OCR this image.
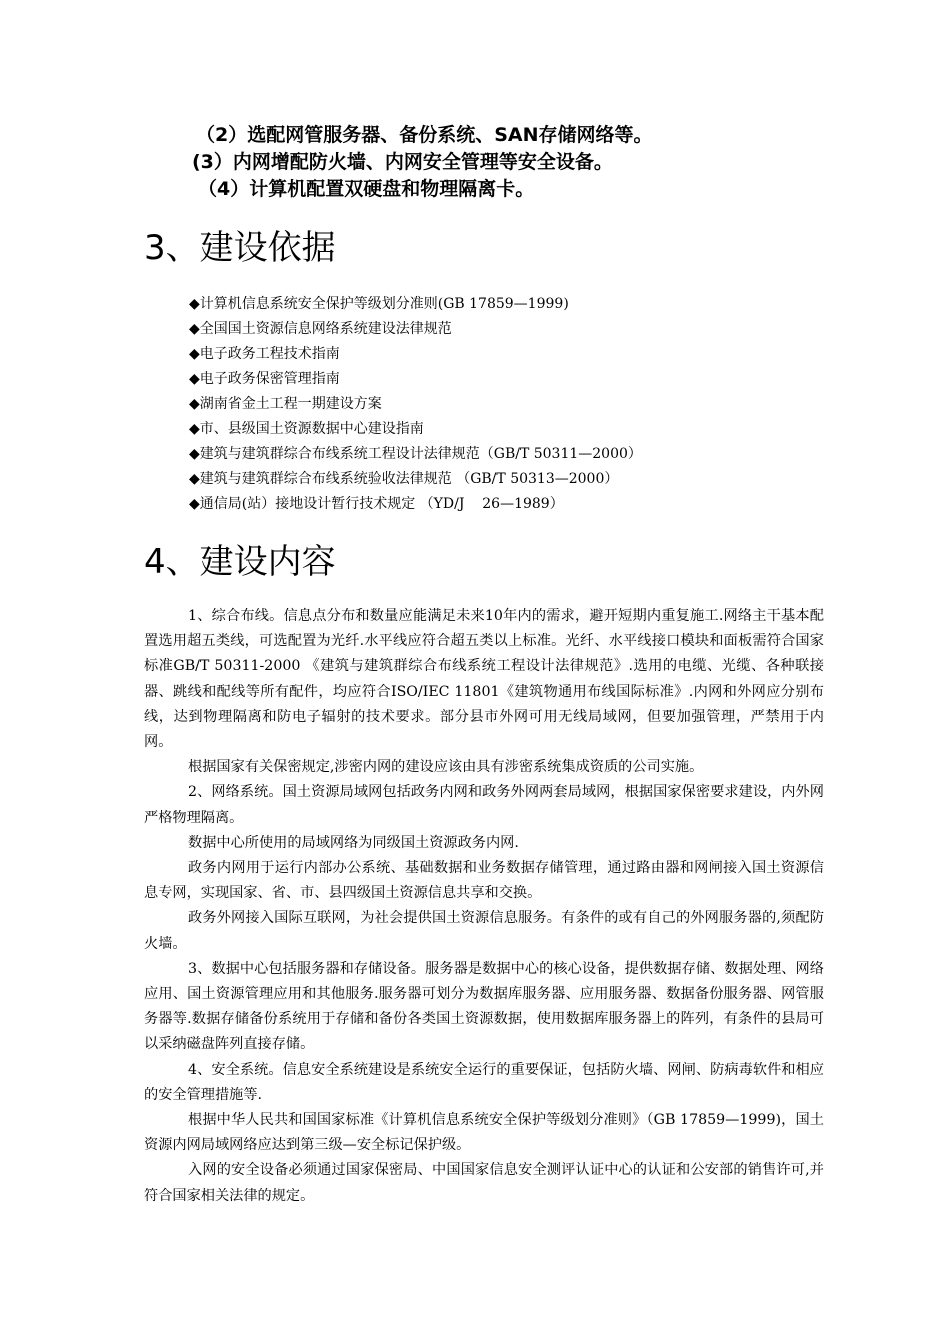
（2）选配网管服务器、备份系统、SAN存储网络等。
(3）内网增配防火墙、内网安全管理等安全设备。
（4）计算机配置双硬盘和物理隔离卡。
3、建设依据
◆计算机信息系统安全保护等级划分准则(GB 17859—1999)
◆全国国土资源信息网络系统建设法律规范
◆电子政务工程技术指南
◆电子政务保密管理指南
◆湖南省金土工程一期建设方案
◆市、县级国土资源数据中心建设指南
◆建筑与建筑群综合布线系统工程设计法律规范（GB/T 50311—2000）
◆建筑与建筑群综合布线系统验收法律规范 （GB/T 50313—2000）
◆通信局(站）接地设计暂行技术规定 （YD/J    26—1989）
4、建设内容

1、综合布线。信息点分布和数量应能满足未来10年内的需求，避开短期内重复施工.网络主干基本配置选用超五类线，可选配置为光纤.水平线应符合超五类以上标准。光纤、水平线接口模块和面板需符合国家标准GB/T 50311-2000 《建筑与建筑群综合布线系统工程设计法律规范》.选用的电缆、光缆、各种联接器、跳线和配线等所有配件，均应符合ISO/IEC 11801《建筑物通用布线国际标准》.内网和外网应分别布线，达到物理隔离和防电子辐射的技术要求。部分县市外网可用无线局域网，但要加强管理，严禁用于内网。

根据国家有关保密规定,涉密内网的建设应该由具有涉密系统集成资质的公司实施。

2、网络系统。国土资源局域网包括政务内网和政务外网两套局域网，根据国家保密要求建设，内外网严格物理隔离。

数据中心所使用的局域网络为同级国土资源政务内网.

政务内网用于运行内部办公系统、基础数据和业务数据存储管理，通过路由器和网闸接入国土资源信息专网，实现国家、省、市、县四级国土资源信息共享和交换。

政务外网接入国际互联网，为社会提供国土资源信息服务。有条件的或有自己的外网服务器的,须配防火墙。

3、数据中心包括服务器和存储设备。服务器是数据中心的核心设备，提供数据存储、数据处理、网络应用、国土资源管理应用和其他服务.服务器可划分为数据库服务器、应用服务器、数据备份服务器、网管服务器等.数据存储备份系统用于存储和备份各类国土资源数据，使用数据库服务器上的阵列，有条件的县局可以采纳磁盘阵列直接存储。

4、安全系统。信息安全系统建设是系统安全运行的重要保证，包括防火墙、网闸、防病毒软件和相应的安全管理措施等.

根据中华人民共和国国家标准《计算机信息系统安全保护等级划分准则》（GB 17859—1999)，国土资源内网局域网络应达到第三级—安全标记保护级。

入网的安全设备必须通过国家保密局、中国国家信息安全测评认证中心的认证和公安部的销售许可,并符合国家相关法律的规定。
